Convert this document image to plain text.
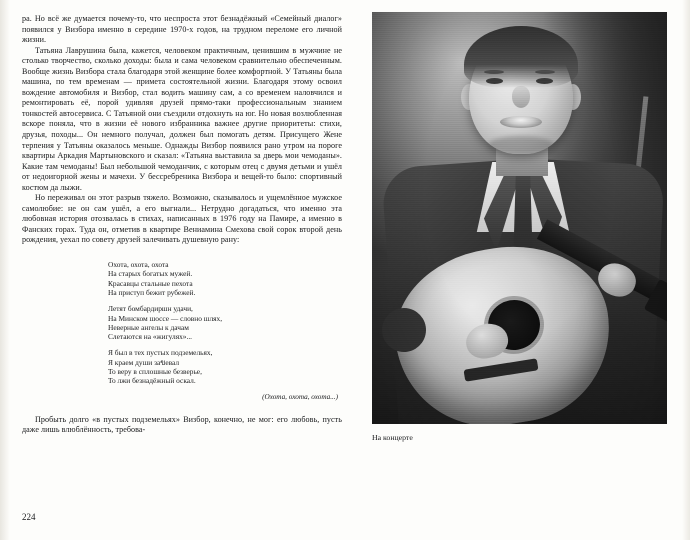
ра. Но всё же думается почему-то, что неспроста этот безнадёжный «Семейный диалог» появился у Визбора именно в середине 1970-х годов, на трудном переломе его личной жизни.

Татьяна Лаврушина была, кажется, человеком практичным, ценившим в мужчине не столько творчество, сколько доходы: была и сама человеком сравнительно обеспеченным. Вообще жизнь Визбора стала благодаря этой женщине более комфортной. У Татьяны была машина, по тем временам — примета состоятельной жизни. Благодаря этому освоил вождение автомобиля и Визбор, стал водить машину сам, а со временем наловчился и ремонтировать её, порой удивляя друзей прямо-таки профессиональным знанием тонкостей автосервиса. С Татьяной они съездили отдохнуть на юг. Но новая возлюбленная вскоре поняла, что в жизни её нового избранника важнее другие приоритеты: стихи, друзья, походы... Он немного получал, должен был помогать детям. Присущего Жене терпения у Татьяны оказалось меньше. Однажды Визбор появился рано утром на пороге квартиры Аркадия Мартыновского и сказал: «Татьяна выставила за дверь мои чемоданы». Какие там чемоданы! Был небольшой чемоданчик, с которым отец с двумя детьми и ушёл от недоигорной жены и мачехи. У бессребреника Визбора и вещей-то было: спортивный костюм да лыжи.

Но переживал он этот разрыв тяжело. Возможно, сказывалось и ущемлённое мужское самолюбие: не он сам ушёл, а его выгнали... Нетрудно догадаться, что именно эта любовная история отозвалась в стихах, написанных в 1976 году на Памире, а именно в Фанских горах. Туда он, отметив в квартире Вениамина Смехова свой сорок второй день рождения, уехал по совету друзей залечивать душевную рану:

Охота, охота, охота
На старых богатых мужей.
Красавцы стальные пехота
На приступ бежит рубежей.
Летят бомбардиршн удачи,
На Минском шоссе — словно шлях,
Неверные ангелы к дачам
Слетаются на «жигулях»...
Я был в тех пустых подземельях,
Я краем души заขевал
То веру в сплошные безверье,
То лжи безнадёжный оскал.
(Охота, охота, охота...)

Пробыть долго «в пустых подземельях» Визбор, конечно, не мог: его любовь, пусть даже лишь влюблённость, требова-

224
На концерте
